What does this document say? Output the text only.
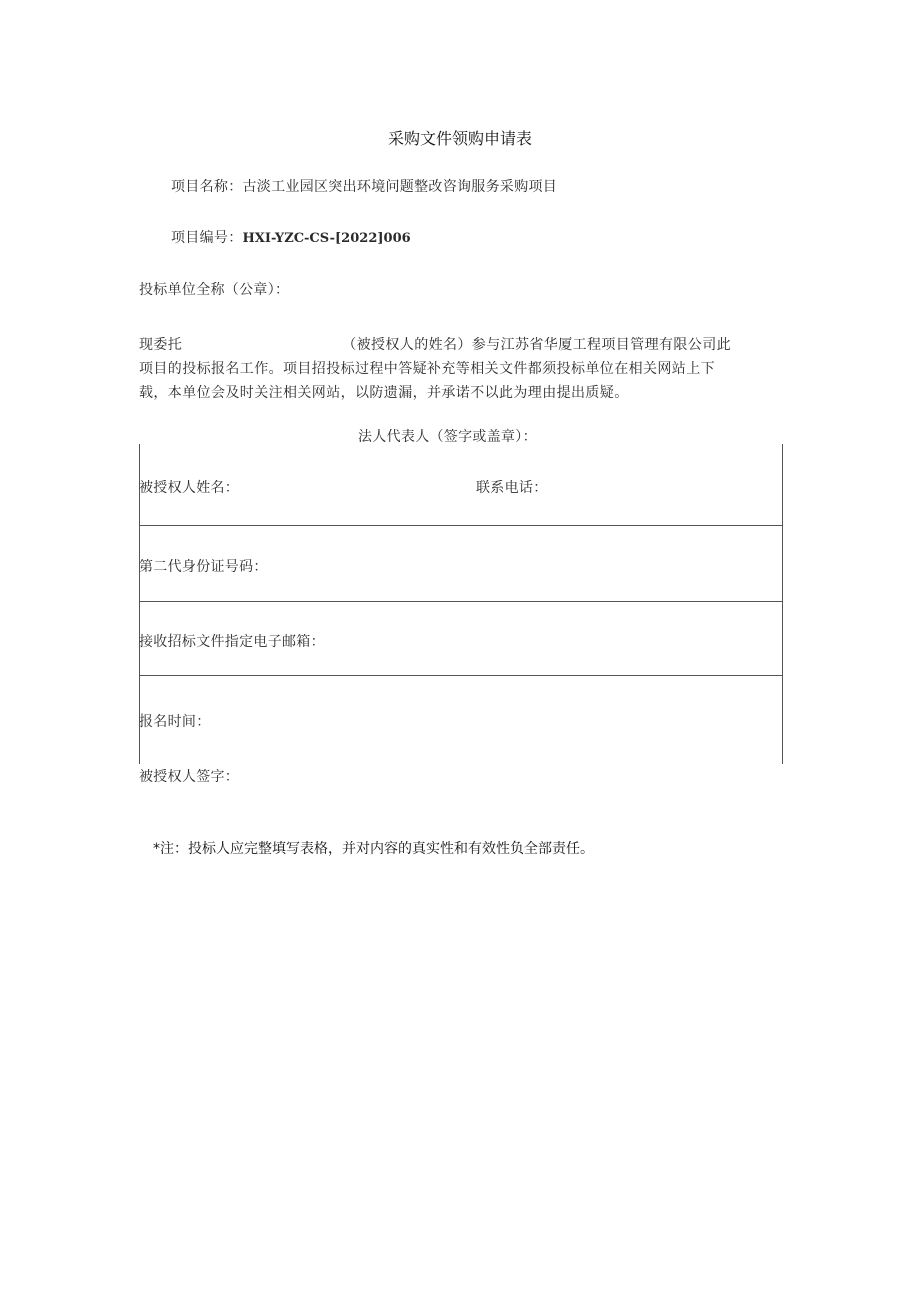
采购文件领购申请表
项目名称：古淡工业园区突出环境问题整改咨询服务采购项目
项目编号：HXI-YZC-CS-[2022]006
投标单位全称（公章）：
现委托	（被授权人的姓名）参与江苏省华厦工程项目管理有限公司此
项目的投标报名工作。项目招投标过程中答疑补充等相关文件都须投标单位在相关网站上下
载，本单位会及时关注相关网站，以防遗漏，并承诺不以此为理由提出质疑。
法人代表人（签字或盖章）：
被授权人姓名：	联系电话：
第二代身份证号码：
接收招标文件指定电子邮箱：
报名时间：
被授权人签字：
*注：投标人应完整填写表格，并对内容的真实性和有效性负全部责任。
